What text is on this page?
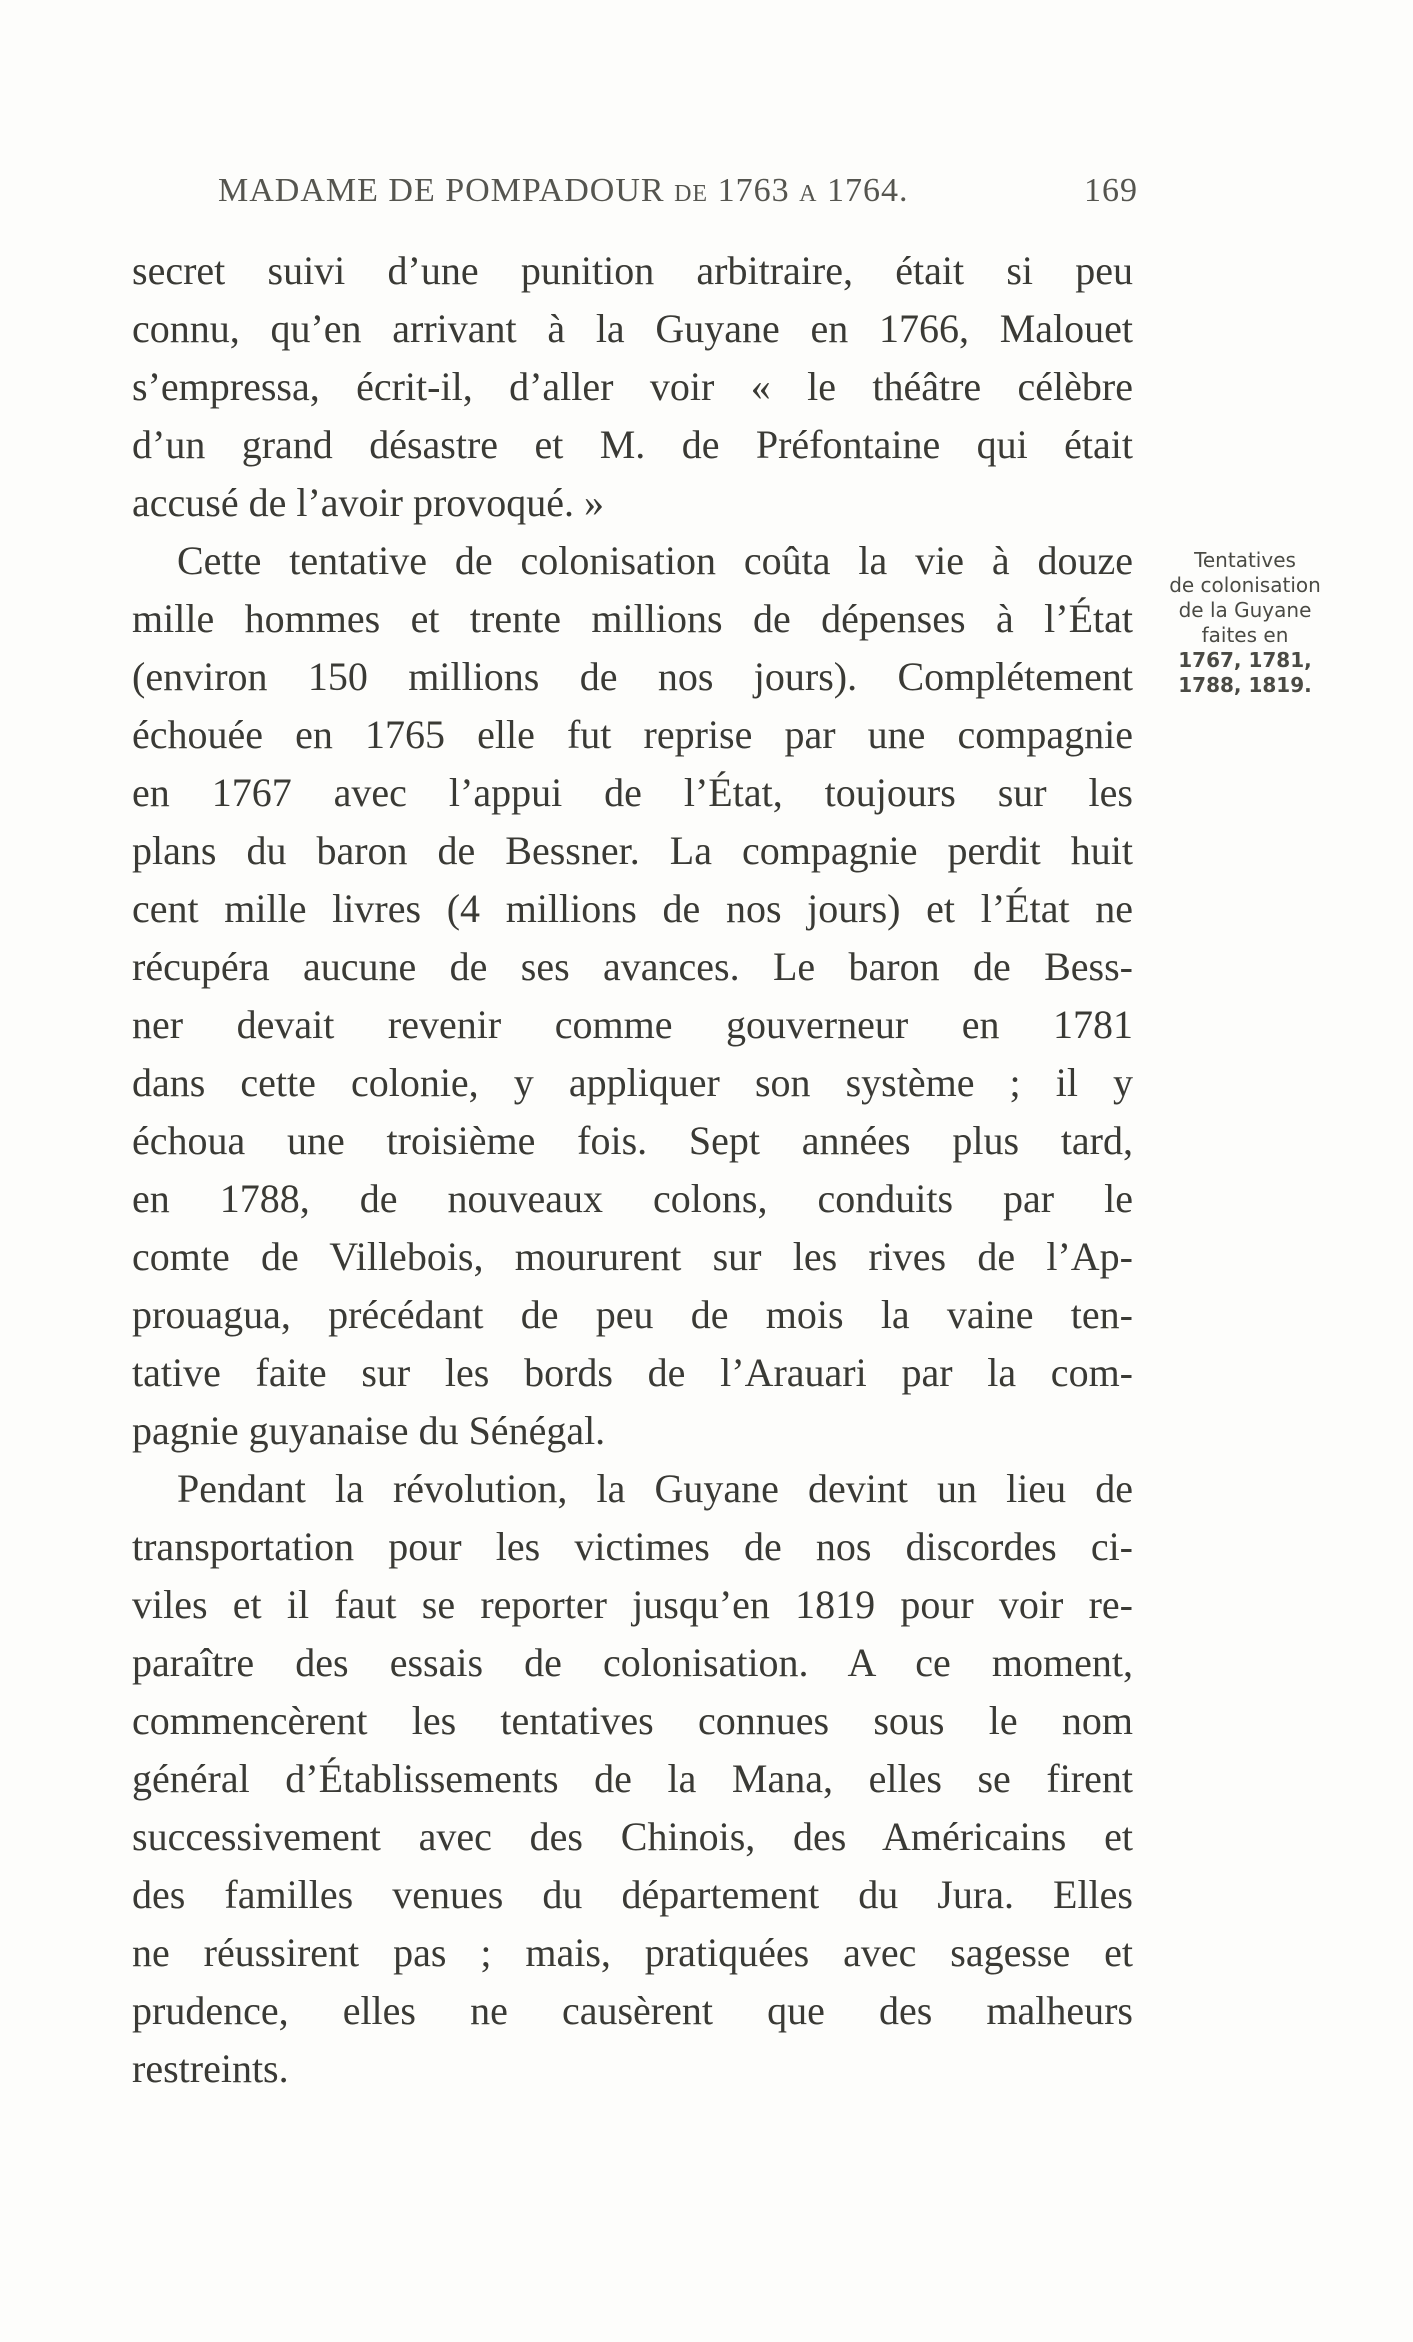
MADAME DE POMPADOUR DE 1763 A 1764.	169
secret suivi d’une punition arbitraire, était si peu
connu, qu’en arrivant à la Guyane en 1766, Malouet
s’empressa, écrit-il, d’aller voir « le théâtre célèbre
d’un grand désastre et M. de Préfontaine qui était
accusé de l’avoir provoqué. »
Cette tentative de colonisation coûta la vie à douze
mille hommes et trente millions de dépenses à l’État
(environ 150 millions de nos jours). Complétement
échouée en 1765 elle fut reprise par une compagnie
en 1767 avec l’appui de l’État, toujours sur les
plans du baron de Bessner. La compagnie perdit huit
cent mille livres (4 millions de nos jours) et l’État ne
récupéra aucune de ses avances. Le baron de Bess-
ner devait revenir comme gouverneur en 1781
dans cette colonie, y appliquer son système ; il y
échoua une troisième fois. Sept années plus tard,
en 1788, de nouveaux colons, conduits par le
comte de Villebois, moururent sur les rives de l’Ap-
prouagua, précédant de peu de mois la vaine ten-
tative faite sur les bords de l’Arauari par la com-
pagnie guyanaise du Sénégal.
Pendant la révolution, la Guyane devint un lieu de
transportation pour les victimes de nos discordes ci-
viles et il faut se reporter jusqu’en 1819 pour voir re-
paraître des essais de colonisation. A ce moment,
commencèrent les tentatives connues sous le nom
général d’Établissements de la Mana, elles se firent
successivement avec des Chinois, des Américains et
des familles venues du département du Jura. Elles
ne réussirent pas ; mais, pratiquées avec sagesse et
prudence, elles ne causèrent que des malheurs
restreints.
Tentatives
de colonisation
de la Guyane
faites en
1767, 1781,
1788, 1819.
